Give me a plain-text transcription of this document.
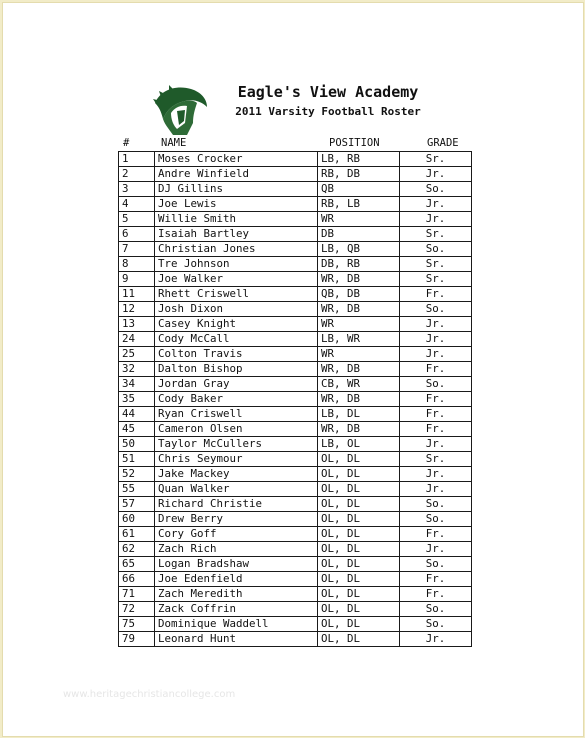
Eagle's View Academy
2011 Varsity Football Roster
#	NAME	POSITION	GRADE
1	Moses Crocker	LB, RB	Sr.
2	Andre Winfield	RB, DB	Jr.
3	DJ Gillins	QB	So.
4	Joe Lewis	RB, LB	Jr.
5	Willie Smith	WR	Jr.
6	Isaiah Bartley	DB	Sr.
7	Christian Jones	LB, QB	So.
8	Tre Johnson	DB, RB	Sr.
9	Joe Walker	WR, DB	Sr.
11	Rhett Criswell	QB, DB	Fr.
12	Josh Dixon	WR, DB	So.
13	Casey Knight	WR	Jr.
24	Cody McCall	LB, WR	Jr.
25	Colton Travis	WR	Jr.
32	Dalton Bishop	WR, DB	Fr.
34	Jordan Gray	CB, WR	So.
35	Cody Baker	WR, DB	Fr.
44	Ryan Criswell	LB, DL	Fr.
45	Cameron Olsen	WR, DB	Fr.
50	Taylor McCullers	LB, OL	Jr.
51	Chris Seymour	OL, DL	Sr.
52	Jake Mackey	OL, DL	Jr.
55	Quan Walker	OL, DL	Jr.
57	Richard Christie	OL, DL	So.
60	Drew Berry	OL, DL	So.
61	Cory Goff	OL, DL	Fr.
62	Zach Rich	OL, DL	Jr.
65	Logan Bradshaw	OL, DL	So.
66	Joe Edenfield	OL, DL	Fr.
71	Zach Meredith	OL, DL	Fr.
72	Zack Coffrin	OL, DL	So.
75	Dominique Waddell	OL, DL	So.
79	Leonard Hunt	OL, DL	Jr.
www.heritagechristiancollege.com
